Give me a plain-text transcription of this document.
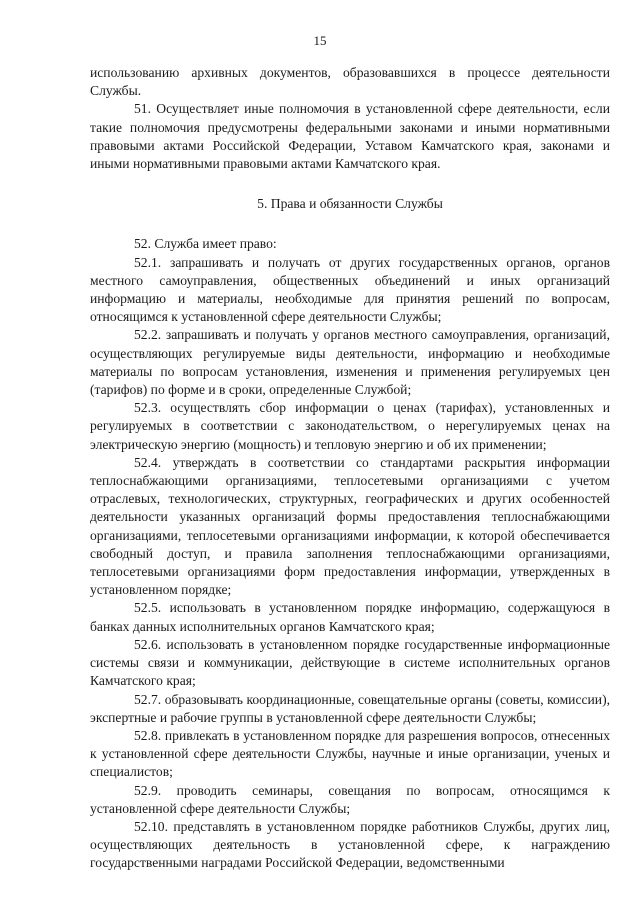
15

использованию архивных документов, образовавшихся в процессе деятельности Службы.

51. Осуществляет иные полномочия в установленной сфере деятельности, если такие полномочия предусмотрены федеральными законами и иными нормативными правовыми актами Российской Федерации, Уставом Камчатского края, законами и иными нормативными правовыми актами Камчатского края.

5. Права и обязанности Службы

52. Служба имеет право:

52.1. запрашивать и получать от других государственных органов, органов местного самоуправления, общественных объединений и иных организаций информацию и материалы, необходимые для принятия решений по вопросам, относящимся к установленной сфере деятельности Службы;

52.2. запрашивать и получать у органов местного самоуправления, организаций, осуществляющих регулируемые виды деятельности, информацию и необходимые материалы по вопросам установления, изменения и применения регулируемых цен (тарифов) по форме и в сроки, определенные Службой;

52.3. осуществлять сбор информации о ценах (тарифах), установленных и регулируемых в соответствии с законодательством, о нерегулируемых ценах на электрическую энергию (мощность) и тепловую энергию и об их применении;

52.4. утверждать в соответствии со стандартами раскрытия информации теплоснабжающими организациями, теплосетевыми организациями с учетом отраслевых, технологических, структурных, географических и других особенностей деятельности указанных организаций формы предоставления теплоснабжающими организациями, теплосетевыми организациями информации, к которой обеспечивается свободный доступ, и правила заполнения теплоснабжающими организациями, теплосетевыми организациями форм предоставления информации, утвержденных в установленном порядке;

52.5. использовать в установленном порядке информацию, содержащуюся в банках данных исполнительных органов Камчатского края;

52.6. использовать в установленном порядке государственные информационные системы связи и коммуникации, действующие в системе исполнительных органов Камчатского края;

52.7. образовывать координационные, совещательные органы (советы, комиссии), экспертные и рабочие группы в установленной сфере деятельности Службы;

52.8. привлекать в установленном порядке для разрешения вопросов, отнесенных к установленной сфере деятельности Службы, научные и иные организации, ученых и специалистов;

52.9. проводить семинары, совещания по вопросам, относящимся к установленной сфере деятельности Службы;

52.10. представлять в установленном порядке работников Службы, других лиц, осуществляющих деятельность в установленной сфере, к награждению государственными наградами Российской Федерации, ведомственными
